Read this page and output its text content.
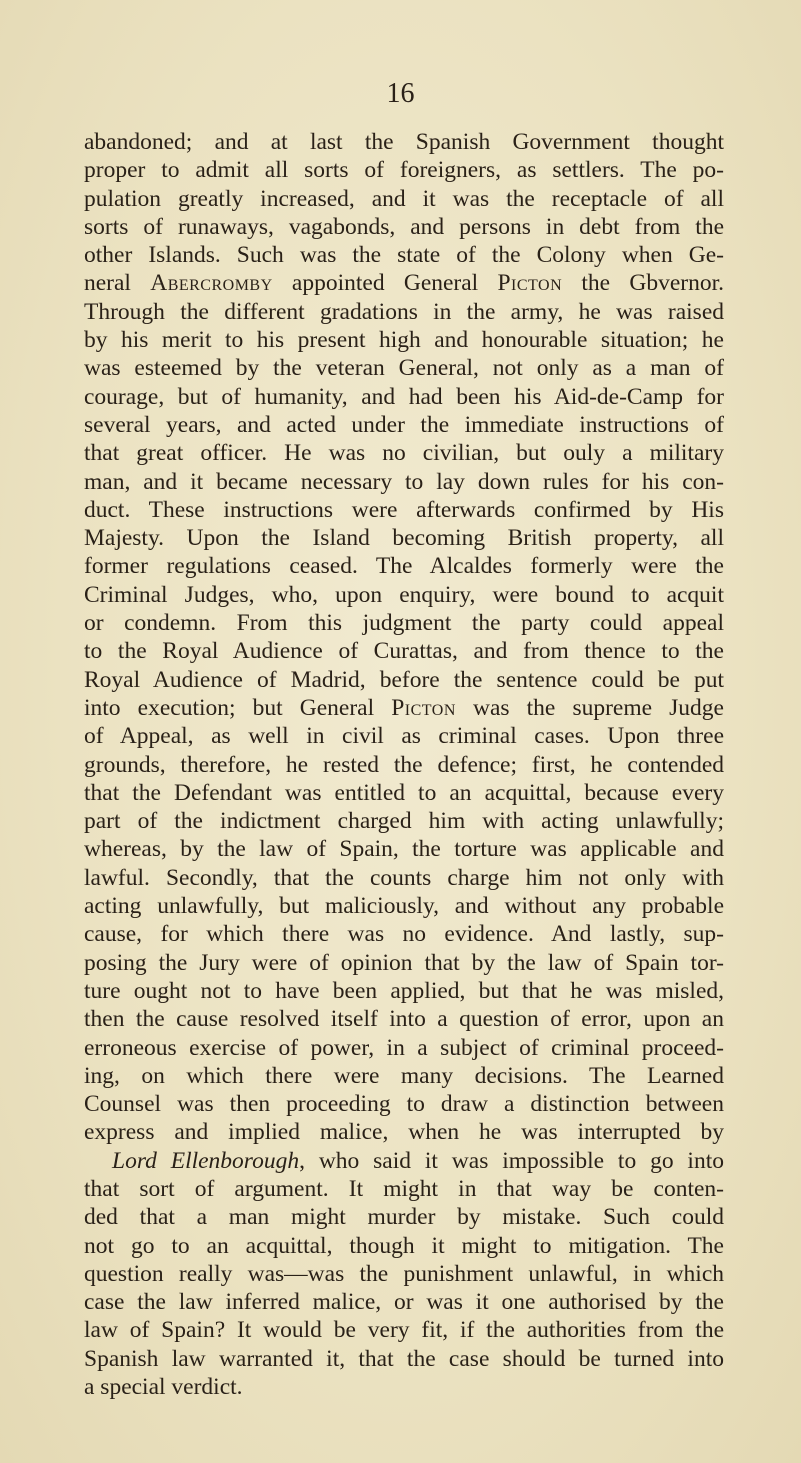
16
abandoned; and at last the Spanish Government thought
proper to admit all sorts of foreigners, as settlers. The po-
pulation greatly increased, and it was the receptacle of all
sorts of runaways, vagabonds, and persons in debt from the
other Islands. Such was the state of the Colony when Ge-
neral Abercromby appointed General Picton the Gbvernor.
Through the different gradations in the army, he was raised
by his merit to his present high and honourable situation; he
was esteemed by the veteran General, not only as a man of
courage, but of humanity, and had been his Aid-de-Camp for
several years, and acted under the immediate instructions of
that great officer. He was no civilian, but ouly a military
man, and it became necessary to lay down rules for his con-
duct. These instructions were afterwards confirmed by His
Majesty. Upon the Island becoming British property, all
former regulations ceased. The Alcaldes formerly were the
Criminal Judges, who, upon enquiry, were bound to acquit
or condemn. From this judgment the party could appeal
to the Royal Audience of Curattas, and from thence to the
Royal Audience of Madrid, before the sentence could be put
into execution; but General Picton was the supreme Judge
of Appeal, as well in civil as criminal cases. Upon three
grounds, therefore, he rested the defence; first, he contended
that the Defendant was entitled to an acquittal, because every
part of the indictment charged him with acting unlawfully;
whereas, by the law of Spain, the torture was applicable and
lawful. Secondly, that the counts charge him not only with
acting unlawfully, but maliciously, and without any probable
cause, for which there was no evidence. And lastly, sup-
posing the Jury were of opinion that by the law of Spain tor-
ture ought not to have been applied, but that he was misled,
then the cause resolved itself into a question of error, upon an
erroneous exercise of power, in a subject of criminal proceed-
ing, on which there were many decisions. The Learned
Counsel was then proceeding to draw a distinction between
express and implied malice, when he was interrupted by
Lord Ellenborough, who said it was impossible to go into
that sort of argument. It might in that way be conten-
ded that a man might murder by mistake. Such could
not go to an acquittal, though it might to mitigation. The
question really was—was the punishment unlawful, in which
case the law inferred malice, or was it one authorised by the
law of Spain? It would be very fit, if the authorities from the
Spanish law warranted it, that the case should be turned into
a special verdict.
